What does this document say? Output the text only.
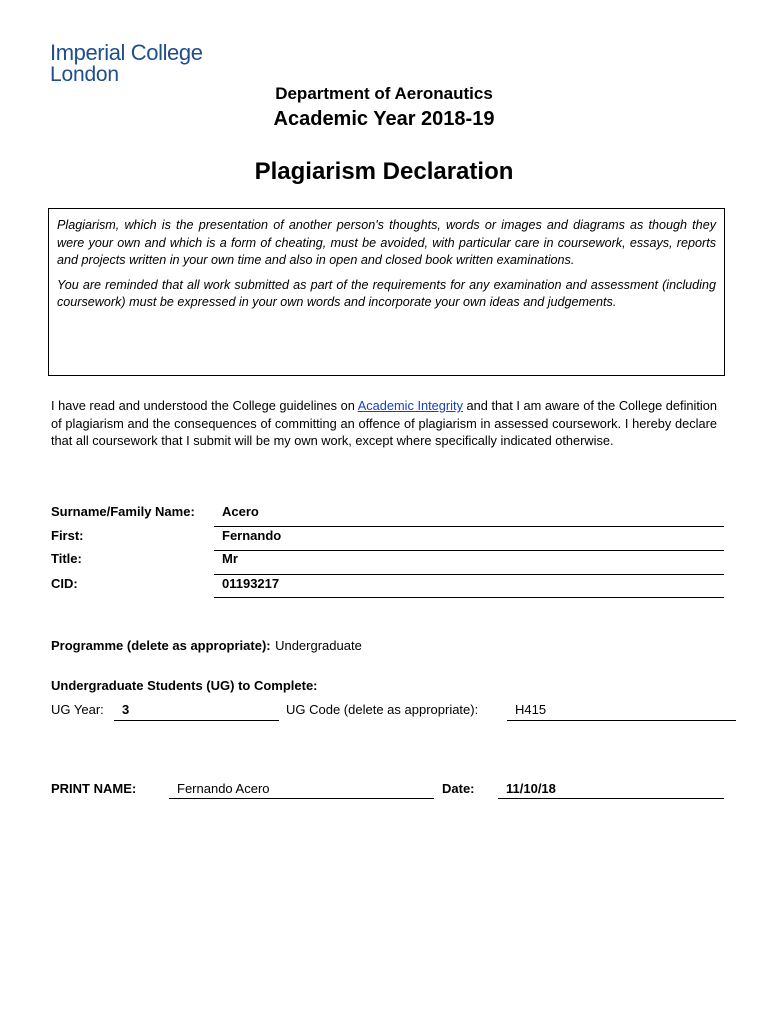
Imperial College
London
Department of Aeronautics
Academic Year 2018-19
Plagiarism Declaration

Plagiarism, which is the presentation of another person's thoughts, words or images and diagrams as though they were your own and which is a form of cheating, must be avoided, with particular care in coursework, essays, reports and projects written in your own time and also in open and closed book written examinations.

You are reminded that all work submitted as part of the requirements for any examination and assessment (including coursework) must be expressed in your own words and incorporate your own ideas and judgements.

I have read and understood the College guidelines on Academic Integrity and that I am aware of the College definition of plagiarism and the consequences of committing an offence of plagiarism in assessed coursework. I hereby declare that all coursework that I submit will be my own work, except where specifically indicated otherwise.
Surname/Family Name: Acero
First:	Fernando
Title:	Mr
CID:	01193217
Programme (delete as appropriate): Undergraduate
Undergraduate Students (UG) to Complete:
UG Year: 3	UG Code (delete as appropriate):	H415
PRINT NAME:	Fernando Acero	Date: 11/10/18
